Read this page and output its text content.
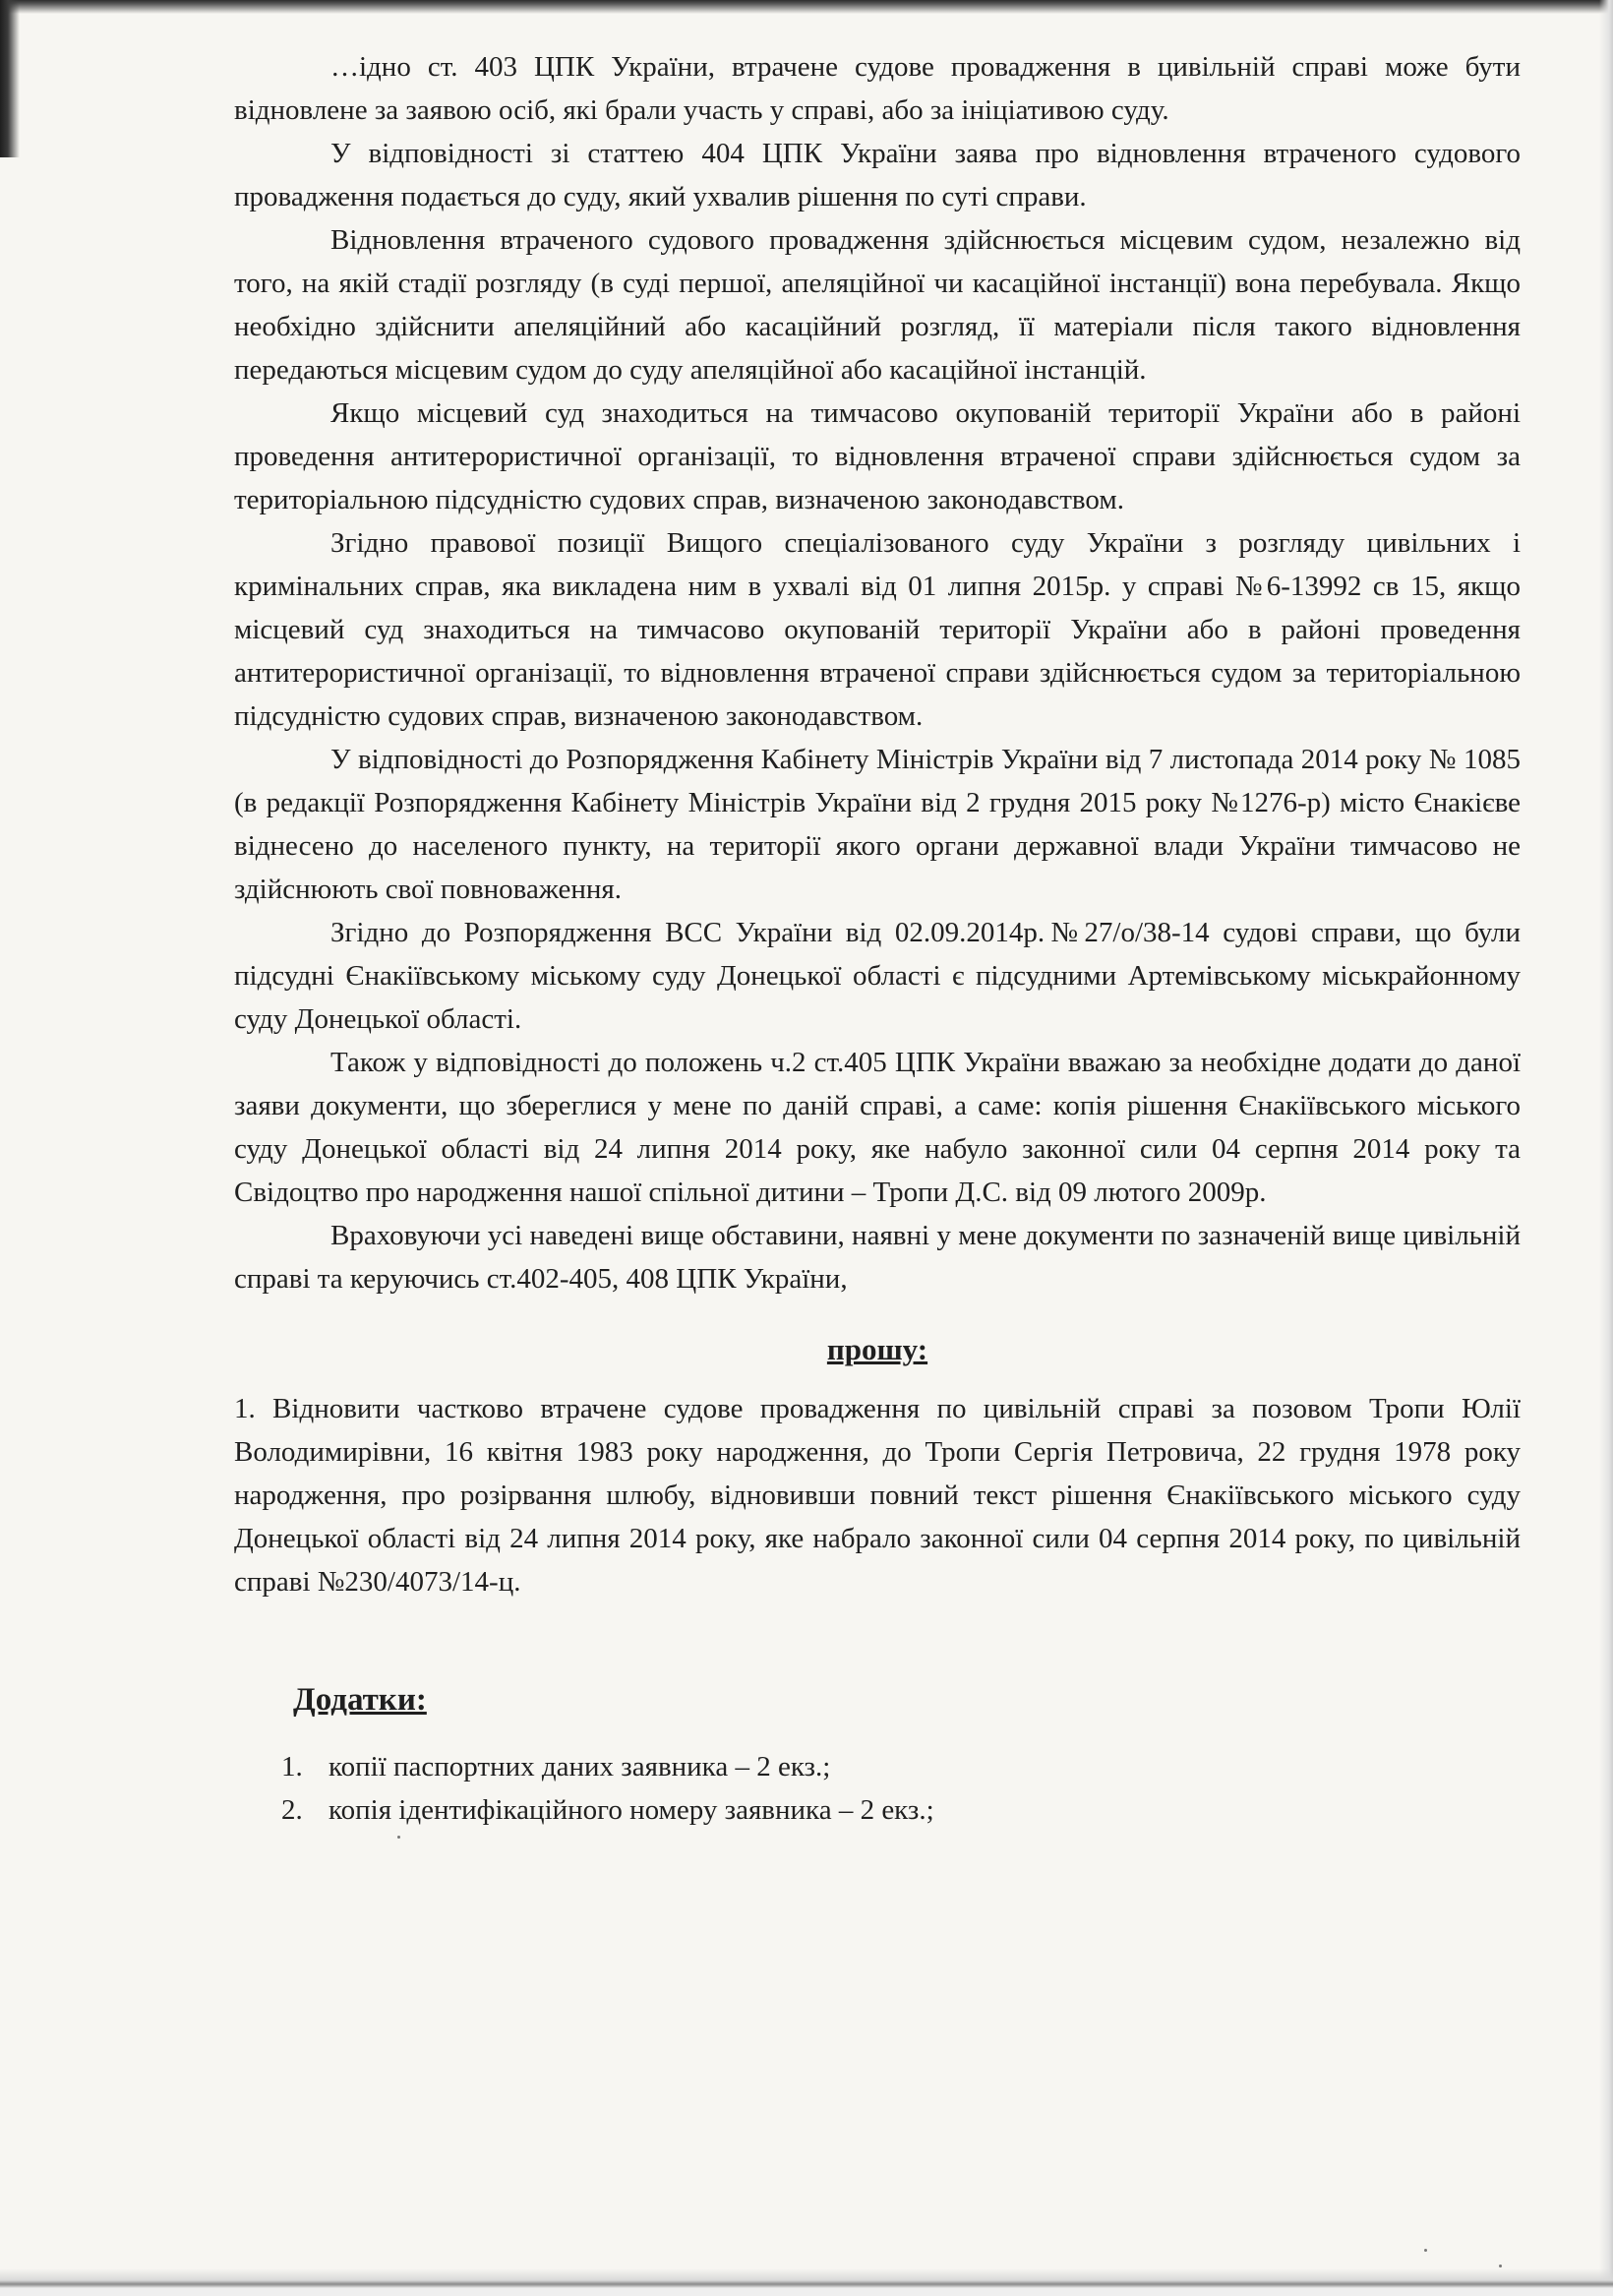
…ідно ст. 403 ЦПК України, втрачене судове провадження в цивільній справі може бути відновлене за заявою осіб, які брали участь у справі, або за ініціативою суду.

У відповідності зі статтею 404 ЦПК України заява про відновлення втраченого судового провадження подається до суду, який ухвалив рішення по суті справи.

Відновлення втраченого судового провадження здійснюється місцевим судом, незалежно від того, на якій стадії розгляду (в суді першої, апеляційної чи касаційної інстанції) вона перебувала. Якщо необхідно здійснити апеляційний або касаційний розгляд, її матеріали після такого відновлення передаються місцевим судом до суду апеляційної або касаційної інстанцій.

Якщо місцевий суд знаходиться на тимчасово окупованій території України або в районі проведення антитерористичної організації, то відновлення втраченої справи здійснюється судом за територіальною підсудністю судових справ, визначеною законодавством.

Згідно правової позиції Вищого спеціалізованого суду України з розгляду цивільних і кримінальних справ, яка викладена ним в ухвалі від 01 липня 2015р. у справі №6-13992 св 15, якщо місцевий суд знаходиться на тимчасово окупованій території України або в районі проведення антитерористичної організації, то відновлення втраченої справи здійснюється судом за територіальною підсудністю судових справ, визначеною законодавством.

У відповідності до Розпорядження Кабінету Міністрів України від 7 листопада 2014 року № 1085 (в редакції Розпорядження Кабінету Міністрів України від 2 грудня 2015 року №1276-р) місто Єнакієве віднесено до населеного пункту, на території якого органи державної влади України тимчасово не здійснюють свої повноваження.

Згідно до Розпорядження ВСС України від 02.09.2014р.№27/о/38-14 судові справи, що були підсудні Єнакіївському міському суду Донецької області є підсудними Артемівському міськрайонному суду Донецької області.

Також у відповідності до положень ч.2 ст.405 ЦПК України вважаю за необхідне додати до даної заяви документи, що збереглися у мене по даній справі, а саме: копія рішення Єнакіївського міського суду Донецької області від 24 липня 2014 року, яке набуло законної сили 04 серпня 2014 року та Свідоцтво про народження нашої спільної дитини – Тропи Д.С. від 09 лютого 2009р.

Враховуючи усі наведені вище обставини, наявні у мене документи по зазначеній вище цивільній справі та керуючись ст.402-405, 408 ЦПК України,

прошу:

1. Відновити частково втрачене судове провадження по цивільній справі за позовом Тропи Юлії Володимирівни, 16 квітня 1983 року народження, до Тропи Сергія Петровича, 22 грудня 1978 року народження, про розірвання шлюбу, відновивши повний текст рішення Єнакіївського міського суду Донецької області від 24 липня 2014 року, яке набрало законної сили 04 серпня 2014 року, по цивільній справі №230/4073/14-ц.

Додатки:
1. копії паспортних даних заявника – 2 екз.;
2. копія ідентифікаційного номеру заявника – 2 екз.;
